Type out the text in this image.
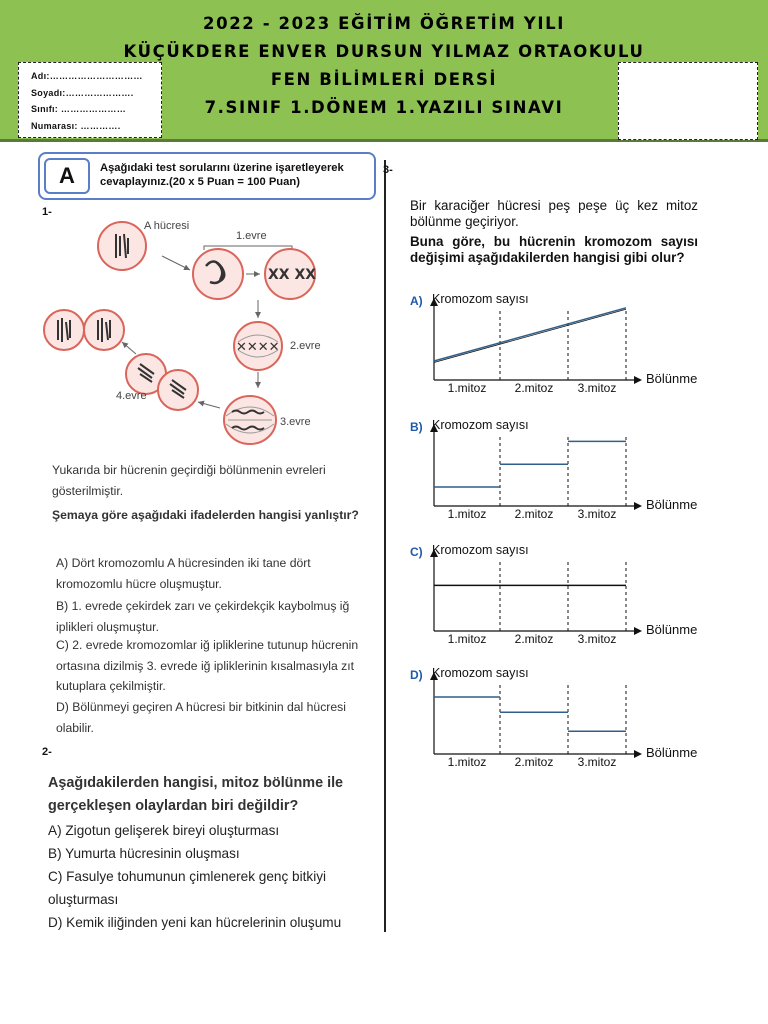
2022 - 2023 EĞİTİM ÖĞRETİM YILI
KÜÇÜKDERE ENVER DURSUN YILMAZ ORTAOKULU
FEN BİLİMLERİ DERSİ
7.SINIF 1.DÖNEM 1.YAZILI SINAVI
Adı:…………………………
Soyadı:………………….
Sınıfı: …………………
Numarası: ………….
A	Aşağıdaki test sorularını üzerine işaretleyerek cevaplayınız.(20 x 5 Puan = 100 Puan)
1-
XX XX
✕✕✕✕
A hücresi
1.evre
2.evre
3.evre
4.evre
Yukarıda bir hücrenin geçirdiği bölünmenin evreleri gösterilmiştir.
Şemaya göre aşağıdaki ifadelerden hangisi yanlıştır?
A) Dört kromozomlu A hücresinden iki tane dört kromozomlu hücre oluşmuştur.
B) 1. evrede çekirdek zarı ve çekirdekçik kaybolmuş iğ iplikleri oluşmuştur.
C) 2. evrede kromozomlar iğ ipliklerine tutunup hücrenin ortasına dizilmiş 3. evrede iğ ipliklerinin kısalmasıyla zıt kutuplara çekilmiştir.
D) Bölünmeyi geçiren A hücresi bir bitkinin dal hücresi olabilir.
2-
Aşağıdakilerden hangisi, mitoz bölünme ile gerçekleşen olaylardan biri değildir?
A) Zigotun gelişerek bireyi oluşturması
B) Yumurta hücresinin oluşması
C) Fasulye tohumunun çimlenerek genç bitkiyi oluşturması
D) Kemik iliğinden yeni kan hücrelerinin oluşumu
3-
Bir karaciğer hücresi peş peşe üç kez mitoz bölünme geçiriyor.
Buna göre, bu hücrenin kromozom sayısı değişimi aşağıdakilerden hangisi gibi olur?
A) Kromozom sayısı
Bölünme
1.mitoz	2.mitoz	3.mitoz
B) Kromozom sayısı
Bölünme
1.mitoz	2.mitoz	3.mitoz
C) Kromozom sayısı
Bölünme
1.mitoz	2.mitoz	3.mitoz
D) Kromozom sayısı
Bölünme
1.mitoz	2.mitoz	3.mitoz
